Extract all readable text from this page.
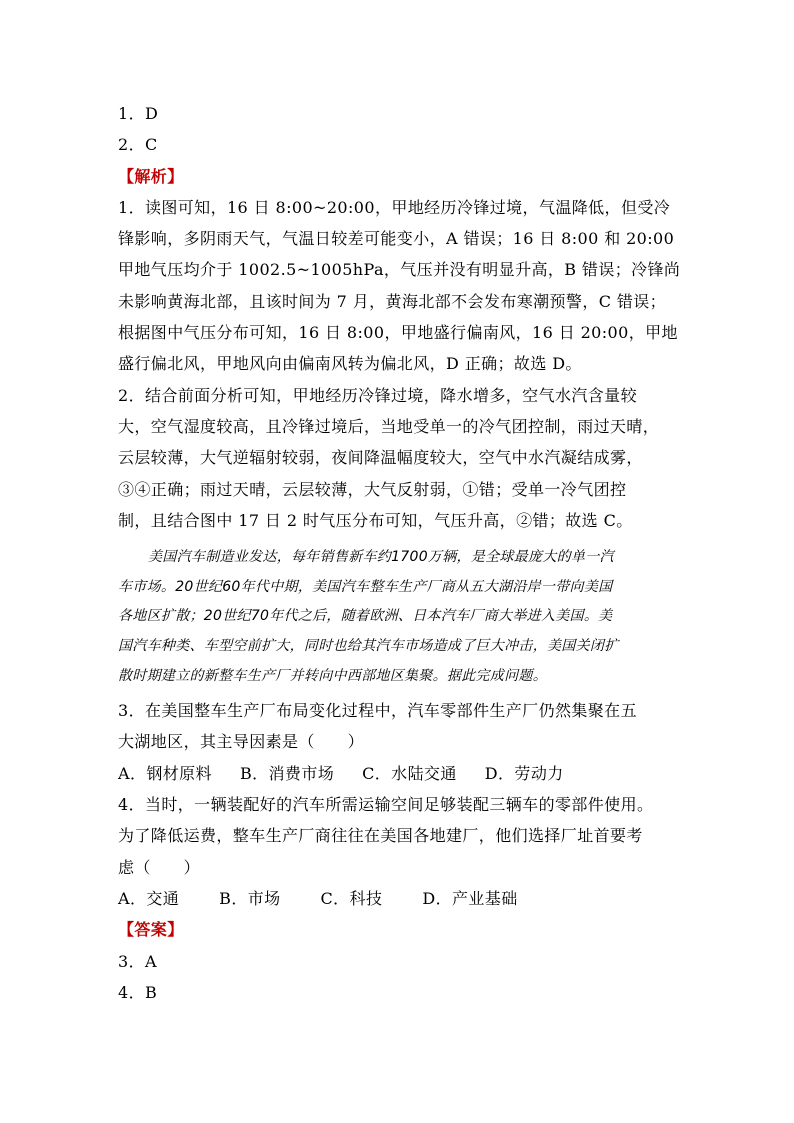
1．D
2．C
【解析】
1．读图可知，16 日 8:00~20:00，甲地经历冷锋过境，气温降低，但受冷
锋影响，多阴雨天气，气温日较差可能变小，A 错误；16 日 8:00 和 20:00
甲地气压均介于 1002.5~1005hPa，气压并没有明显升高，B 错误；冷锋尚
未影响黄海北部，且该时间为 7 月，黄海北部不会发布寒潮预警，C 错误；
根据图中气压分布可知，16 日 8:00，甲地盛行偏南风，16 日 20:00，甲地
盛行偏北风，甲地风向由偏南风转为偏北风，D 正确；故选 D。
2．结合前面分析可知，甲地经历冷锋过境，降水增多，空气水汽含量较
大，空气湿度较高，且冷锋过境后，当地受单一的冷气团控制，雨过天晴，
云层较薄，大气逆辐射较弱，夜间降温幅度较大，空气中水汽凝结成雾，
③④正确；雨过天晴，云层较薄，大气反射弱，①错；受单一冷气团控
制，且结合图中 17 日 2 时气压分布可知，气压升高，②错；故选 C。
美国汽车制造业发达，每年销售新车约1700万辆，是全球最庞大的单一汽
车市场。20世纪60年代中期，美国汽车整车生产厂商从五大湖沿岸一带向美国
各地区扩散；20世纪70年代之后，随着欧洲、日本汽车厂商大举进入美国。美
国汽车种类、车型空前扩大，同时也给其汽车市场造成了巨大冲击，美国关闭扩
散时期建立的新整车生产厂并转向中西部地区集聚。据此完成问题。
3．在美国整车生产厂布局变化过程中，汽车零部件生产厂仍然集聚在五
大湖地区，其主导因素是（　　）
A．钢材原料 B．消费市场 C．水陆交通 D．劳动力
4．当时，一辆装配好的汽车所需运输空间足够装配三辆车的零部件使用。
为了降低运费，整车生产厂商往往在美国各地建厂，他们选择厂址首要考
虑（　　）
A．交通	B．市场	C．科技	D．产业基础
【答案】
3．A
4．B
